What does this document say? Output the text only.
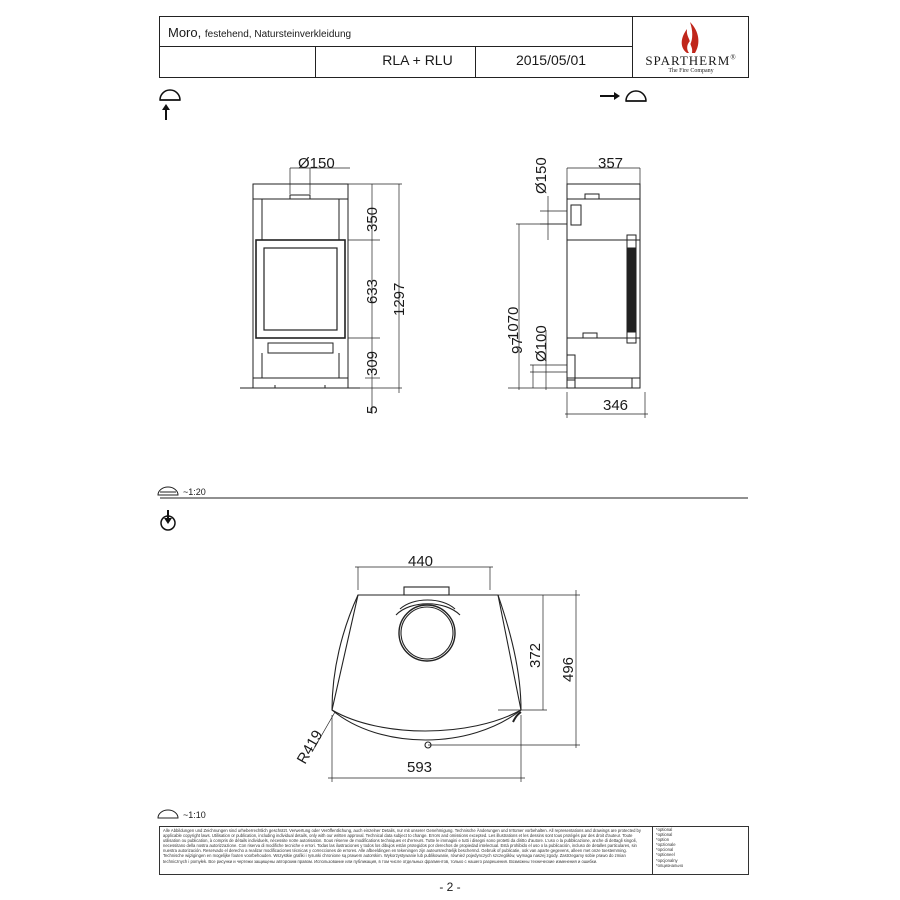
Moro, festehend, Natursteinverkleidung
RLA + RLU	2015/05/01	SPARTHERM®
The Fire Company
Ø150
350
633
309
5
1297
357
Ø150
1070
Ø100
97
346
440
372
496
R419
593
~1:20
~1:10
Alle Abbildungen und Zeichnungen sind urheberrechtlich geschützt. Verwertung oder Veröffentlichung, auch einzelner Details, nur mit unserer Genehmigung. Technische Änderungen und Irrtümer vorbehalten. All representations and drawings are protected by applicable copyright laws. Utilisation or publication, including individual details, only with our written approval. Technical data subject to change. Errors and omissions excepted. Les illustrations et les dessins sont tous protégés par des droit d'auteur. Toute utilisation ou publication, à compris de détails individuels, nécessite notre autorisation. Sous réserve de modifications techniques et d'erreurs. Tutte le immagini e tutti i disegni sono protetti da diritto d'autore. L'uso o la pubblicazione, anche di dettagli singoli, necessitano della nostra autorizzazione. Con riserva di modifiche tecniche e errori. Todas las ilustraciones y todos los dibujos están protegidos por derechos de propiedad intelectual. Está prohibido el uso o la publicación, incluso de detalles particulares, sin nuestra autorización. Reservado el derecho a realizar modificaciones técnicas y correcciones de errores. Alle afbeeldingen en tekeningen zijn auteursrechtelijk beschermd. Gebruik of publicatie, ook van aparte gegevens, alleen met onze toestemming. Technische wijzigingen en mogelijke fouten voorbehouden. Wszystkie grafiki i rysunki chronione są prawem autorskim. Wykorzystywanie lub publikowanie, również pojedynczych szczegółów, wymaga naszej zgody. Zastrzegamy sobie prawo do zmian technicznych i pomyłek. Все рисунки и чертежи защищены авторским правом. Использование или публикация, в том числе отдельных фрагментов, только с нашего разрешения. Возможны технические изменения и ошибки.
*optional
*optional
*option
*opzionale
*opcional
*optioneel
*opcjonalny
*опционально
- 2 -
